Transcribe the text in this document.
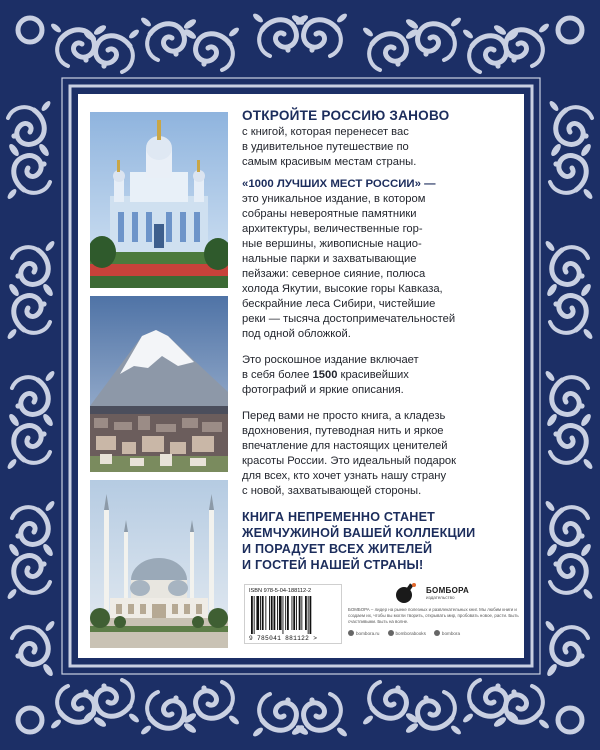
ОТКРОЙТЕ РОССИЮ ЗАНОВО
с книгой, которая перенесет вас
в удивительное путешествие по
самым красивым местам страны.
«1000 ЛУЧШИХ МЕСТ РОССИИ» —
это уникальное издание, в котором
собраны невероятные памятники
архитектуры, величественные гор-
ные вершины, живописные нацио-
нальные парки и захватывающие
пейзажи: северное сияние, полюса
холода Якутии, высокие горы Кавказа,
бескрайние леса Сибири, чистейшие
реки — тысяча достопримечательностей
под одной обложкой.
Это роскошное издание включает
в себя более 1500 красивейших
фотографий и яркие описания.
Перед вами не просто книга, а кладезь
вдохновения, путеводная нить и яркое
впечатление для настоящих ценителей
красоты России. Это идеальный подарок
для всех, кто хочет узнать нашу страну
с новой, захватывающей стороны.
КНИГА НЕПРЕМЕННО СТАНЕТ
ЖЕМЧУЖИНОЙ ВАШЕЙ КОЛЛЕКЦИИ
И ПОРАДУЕТ ВСЕХ ЖИТЕЛЕЙ
И ГОСТЕЙ НАШЕЙ СТРАНЫ!
ISBN 978-5-04-188112-2
9 785041 881122 >
БОМБОРА
издательство
БОМБОРА – лидер на рынке полезных и развлекательных книг. Мы любим книги и создаем их, чтобы вы могли творить, открывать мир, пробовать новое, расти. Быть счастливыми. Быть на волне.
bombora.ru	bomborabooks	bombora
